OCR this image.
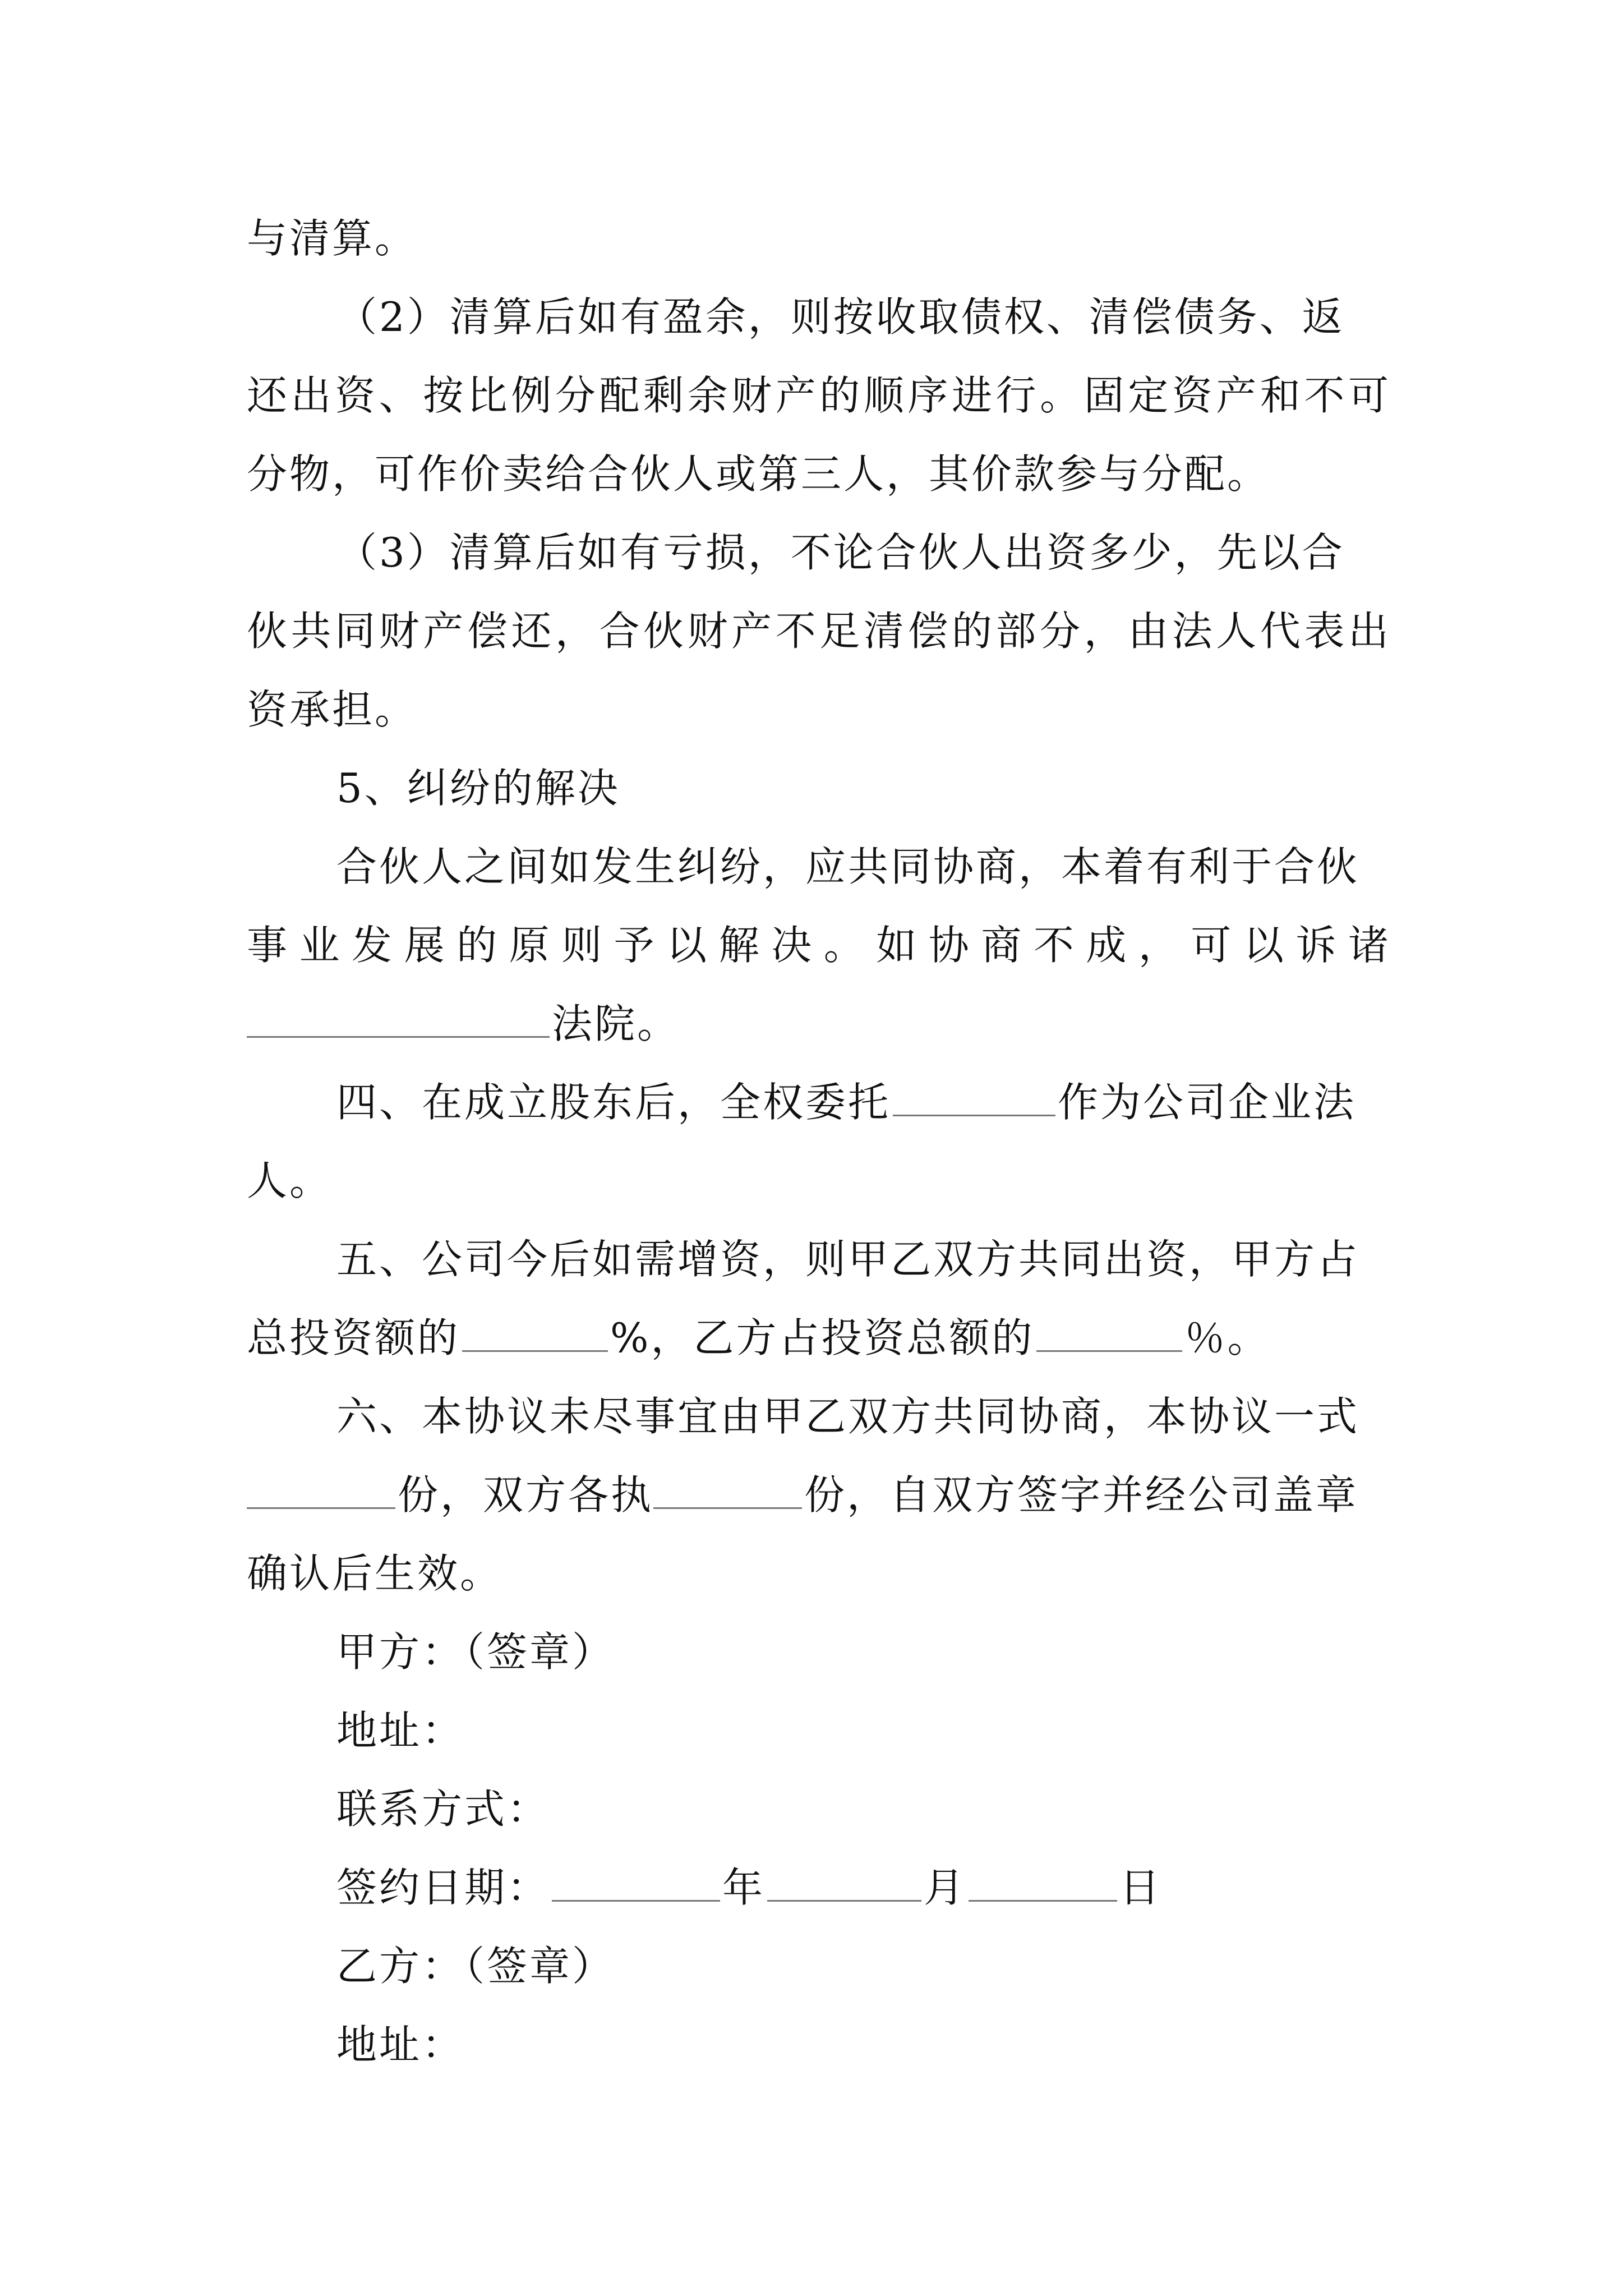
与清算。
（2）清算后如有盈余，则按收取债权、清偿债务、返
还出资、按比例分配剩余财产的顺序进行。固定资产和不可
分物，可作价卖给合伙人或第三人，其价款参与分配。
（3）清算后如有亏损，不论合伙人出资多少，先以合
伙共同财产偿还，合伙财产不足清偿的部分，由法人代表出
资承担。
5、纠纷的解决
合伙人之间如发生纠纷，应共同协商，本着有利于合伙
事业发展的原则予以解决。如协商不成，可以诉诸
法院。
四、在成立股东后，全权委托	作为公司企业法
人。
五、公司今后如需增资，则甲乙双方共同出资，甲方占
总投资额的	%，乙方占投资总额的	％。
六、本协议未尽事宜由甲乙双方共同协商，本协议一式
份，双方各执	份，自双方签字并经公司盖章
确认后生效。
甲方：（签章）
地址：
联系方式：
签约日期：	年	月	日
乙方：（签章）
地址：
